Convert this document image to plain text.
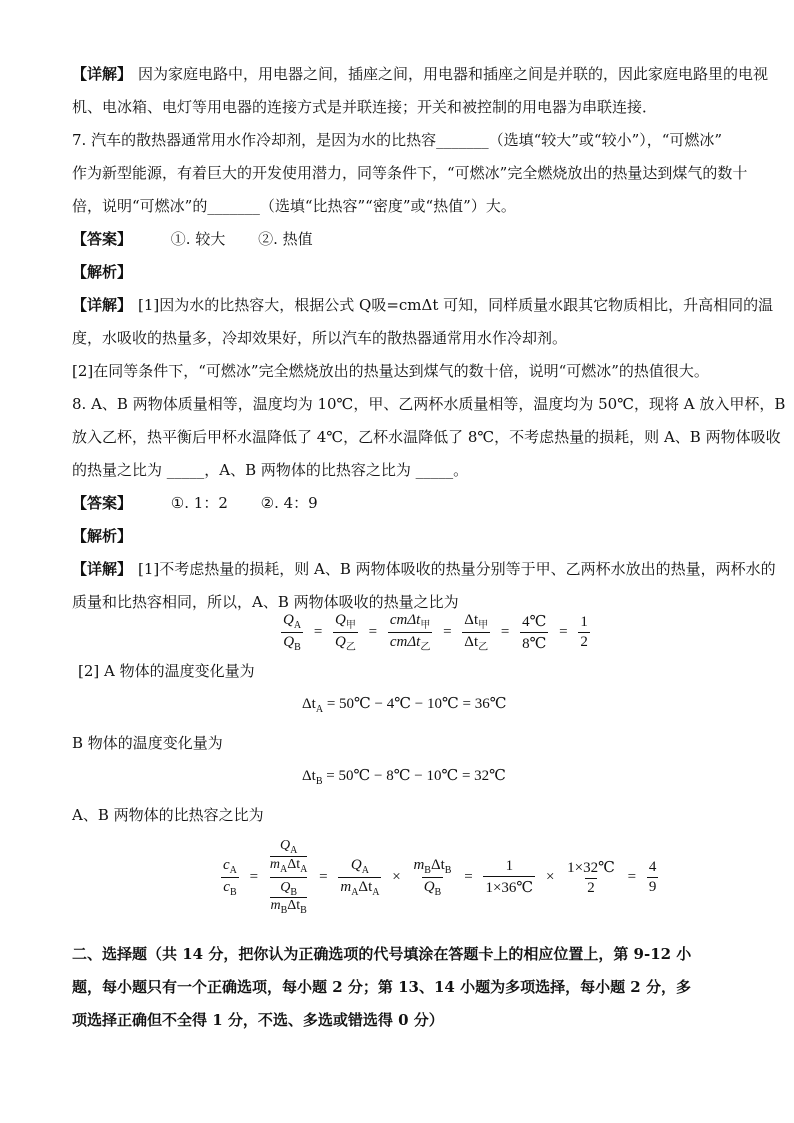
【详解】 因为家庭电路中，用电器之间，插座之间，用电器和插座之间是并联的，因此家庭电路里的电视
机、电冰箱、电灯等用电器的连接方式是并联连接；开关和被控制的用电器为串联连接．
7. 汽车的散热器通常用水作冷却剂，是因为水的比热容_______（选填“较大”或“较小”），“可燃冰”
作为新型能源，有着巨大的开发使用潜力，同等条件下，“可燃冰”完全燃烧放出的热量达到煤气的数十
倍，说明“可燃冰”的_______（选填“比热容”“密度”或“热值”）大。
【答案】	①. 较大 ②. 热值
【解析】
【详解】 [1]因为水的比热容大，根据公式 Q吸=cmΔt 可知，同样质量水跟其它物质相比，升高相同的温
度，水吸收的热量多，冷却效果好，所以汽车的散热器通常用水作冷却剂。
[2]在同等条件下，“可燃冰”完全燃烧放出的热量达到煤气的数十倍，说明“可燃冰”的热值很大。
8. A、B 两物体质量相等，温度均为 10℃，甲、乙两杯水质量相等，温度均为 50℃，现将 A 放入甲杯，B
放入乙杯，热平衡后甲杯水温降低了 4℃，乙杯水温降低了 8℃，不考虑热量的损耗，则 A、B 两物体吸收
的热量之比为 _____，A、B 两物体的比热容之比为 _____。
【答案】	①. 1：2 ②. 4：9
【解析】
【详解】 [1]不考虑热量的损耗，则 A、B 两物体吸收的热量分别等于甲、乙两杯水放出的热量，两杯水的
质量和比热容相同，所以，A、B 两物体吸收的热量之比为
$\frac{Q_A}{Q_B} = \frac{Q_甲}{Q_乙} = \frac{cm\Delta t_甲}{cm\Delta t_乙} = \frac{\Delta t_甲}{\Delta t_乙} = \frac{4℃}{8℃} = \frac{1}{2}$
[2] A 物体的温度变化量为
$\Delta t_A$ = 50℃ − 4℃ − 10℃ = 36℃
B 物体的温度变化量为
$\Delta t_B$ = 50℃ − 8℃ − 10℃ = 32℃
A、B 两物体的比热容之比为
$\frac{c_A}{c_B}$ =
$Q_A$
$m_A\Delta t_A$
$Q_B$
$m_B\Delta t_B$
= $\frac{Q_A}{m_A\Delta t_A} \times \frac{m_B\Delta t_B}{Q_B} = \frac{1}{1\times 36℃} \times \frac{1\times 32℃}{2} = \frac{4}{9}$
二、选择题（共 14 分，把你认为正确选项的代号填涂在答题卡上的相应位置上，第 9-12 小
题，每小题只有一个正确选项，每小题 2 分；第 13、14 小题为多项选择，每小题 2 分，多
项选择正确但不全得 1 分，不选、多选或错选得 0 分）
